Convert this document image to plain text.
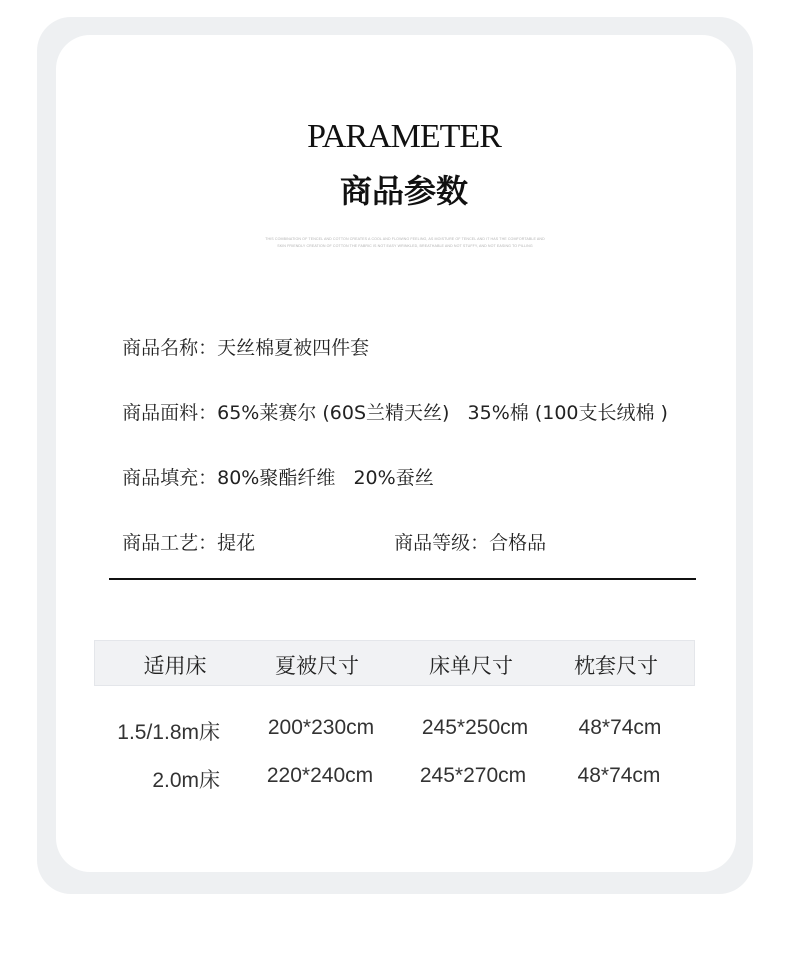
PARAMETER
商品参数
THIS COMBINATION OF TENCEL AND COTTON CREATES A COOL AND FLOWING FEELING, AS MOISTURE OF TENCEL AND IT HAS THE COMFORTABLE AND SKIN FRIENDLY CREATION OF COTTON THE FABRIC IS NOT EASY WRINKLED, BREATHABLE AND NOT STUFFY, AND NOT EASING TO PILLING

商品名称：天丝棉夏被四件套

商品面料：65%莱赛尔 (60S兰精天丝)   35%棉 (100支长绒棉 )

商品填充：80%聚酯纤维   20%蚕丝

商品工艺：提花	商品等级：合格品

适用床	夏被尺寸	床单尺寸	枕套尺寸
1.5/1.8m床	200*230cm	245*250cm	48*74cm
2.0m床	220*240cm	245*270cm	48*74cm
